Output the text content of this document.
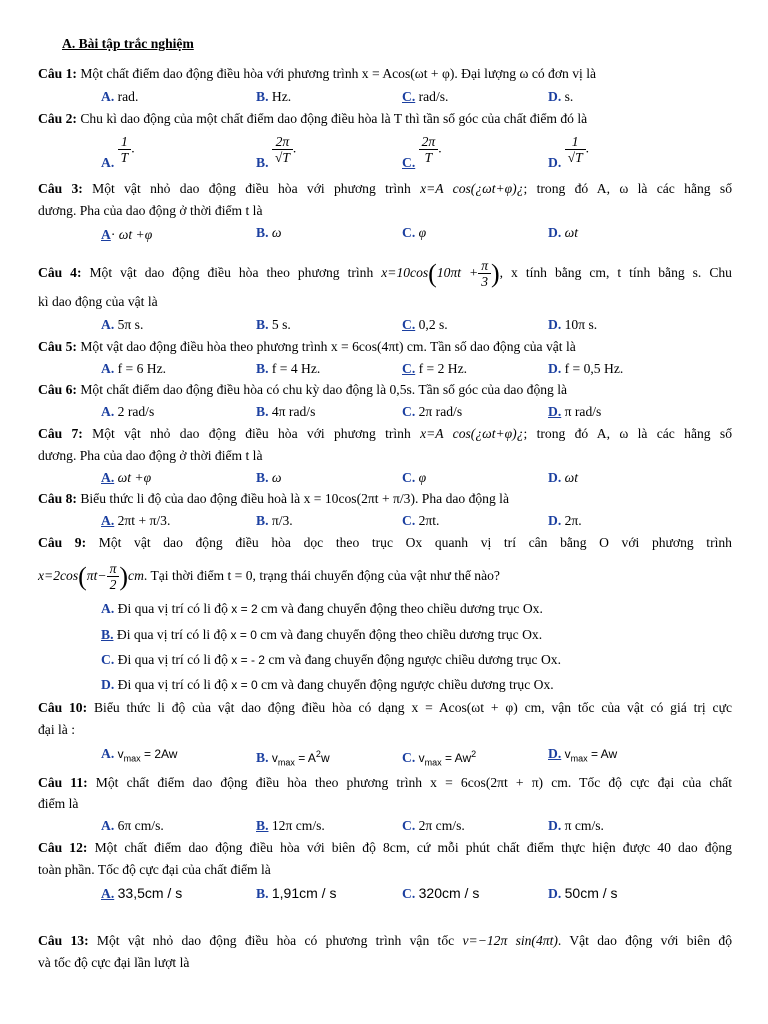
A. Bài tập trắc nghiệm
Câu 1: Một chất điểm dao động điều hòa với phương trình x = Acos(ωt + φ). Đại lượng ω có đơn vị là
A. rad.	B. Hz.	C. rad/s.	D. s.
Câu 2: Chu kì dao động của một chất điểm dao động điều hòa là T thì tần số góc của chất điểm đó là
A. $\frac{1}{T}$ .
B. $\frac{2\pi}{√T}$ .
C. $\frac{2\pi}{T}$ .
D. $\frac{1}{√T}$ .
Câu 3: Một vật nhỏ dao động điều hòa với phương trình x=A cos(¿ωt+φ)¿; trong đó A, ω là các hằng số
dương. Pha của dao động ở thời điểm t là
A· ωt +φ	B. ω	C. φ	D. ωt
Câu 4: Một vật dao động điều hòa theo phương trình $x=10\cos(10\pi t + \frac{\pi}{3}$ ), x tính bằng cm, t tính bằng s. Chu
kì dao động của vật là
A. 5π s.	B. 5 s.	C. 0,2 s.	D. 10π s.
Câu 5: Một vật dao động điều hòa theo phương trình x = 6cos(4πt) cm. Tần số dao động của vật là
A. f = 6 Hz.	B. f = 4 Hz.	C. f = 2 Hz.	D. f = 0,5 Hz.
Câu 6: Một chất điểm dao động điều hòa có chu kỳ dao động là 0,5s. Tần số góc của dao động là
A. 2 rad/s	B. 4π rad/s	C. 2π rad/s	D. π rad/s
Câu 7: Một vật nhỏ dao động điều hòa với phương trình x=A cos(¿ωt+φ)¿; trong đó A, ω là các hằng số
dương. Pha của dao động ở thời điểm t là
A. ωt +φ	B. ω	C. φ	D. ωt
Câu 8: Biểu thức li độ của dao động điều hoà là x = 10cos(2πt + π/3). Pha dao động là
A. 2πt + π/3.	B. π/3.	C. 2πt.	D. 2π.
Câu 9: Một vật dao động điều hòa dọc theo trục Ox quanh vị trí cân bằng O với phương trình
$x=2\cos(\pi t- \frac{\pi}{2} )cm$. Tại thời điểm t = 0, trạng thái chuyển động của vật như thế nào?
A. Đi qua vị trí có li độ x = 2 cm và đang chuyển động theo chiều dương trục Ox.
B. Đi qua vị trí có li độ x = 0 cm và đang chuyển động theo chiều dương trục Ox.
C. Đi qua vị trí có li độ x = - 2 cm và đang chuyển động ngược chiều dương trục Ox.
D. Đi qua vị trí có li độ x = 0 cm và đang chuyển động ngược chiều dương trục Ox.
Câu 10: Biểu thức li độ của vật dao động điều hòa có dạng x = Acos(ωt + φ) cm, vận tốc của vật có giá trị cực
đại là :
A. $v_{max} = 2Aw$	B. $v_{max} = A^2w$	C. $v_{max} = Aw^2$	D. $v_{max} = Aw$
Câu 11: Một chất điểm dao động điều hòa theo phương trình x = 6cos(2πt + π) cm. Tốc độ cực đại của chất
điểm là
A. 6π cm/s.	B. 12π cm/s.	C. 2π cm/s.	D. π cm/s.
Câu 12: Một chất điểm dao động điều hòa với biên độ 8cm, cứ mỗi phút chất điểm thực hiện được 40 dao động
toàn phần. Tốc độ cực đại của chất điểm là
A. 33,5cm / s	B. 1,91cm / s	C. 320cm / s	D. 50cm / s
Câu 13: Một vật nhỏ dao động điều hòa có phương trình vận tốc v=−12π sin(4πt). Vật dao động với biên độ
và tốc độ cực đại lần lượt là
